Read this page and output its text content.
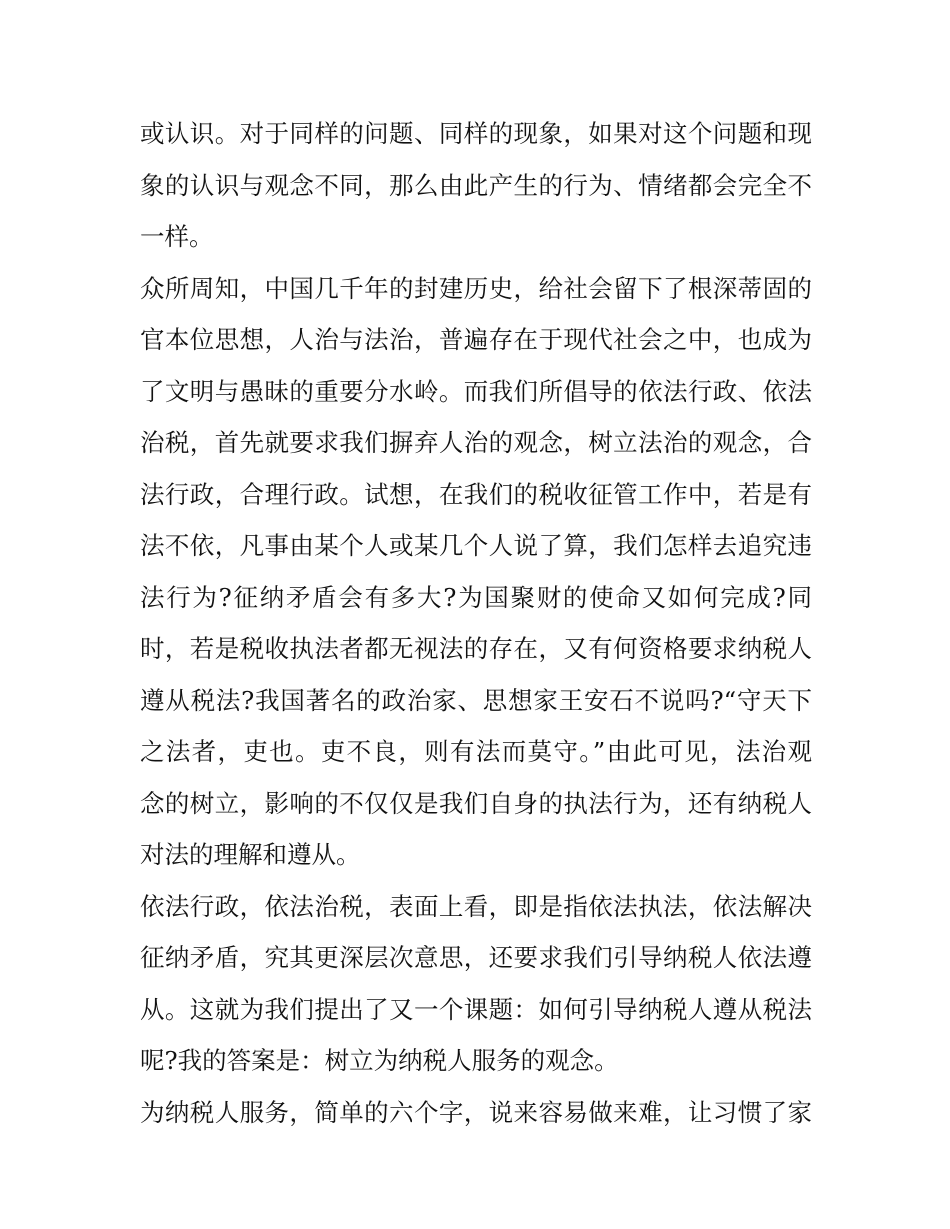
或认识。对于同样的问题、同样的现象，如果对这个问题和现
象的认识与观念不同，那么由此产生的行为、情绪都会完全不
一样。
众所周知，中国几千年的封建历史，给社会留下了根深蒂固的
官本位思想，人治与法治，普遍存在于现代社会之中，也成为
了文明与愚昧的重要分水岭。而我们所倡导的依法行政、依法
治税，首先就要求我们摒弃人治的观念，树立法治的观念，合
法行政，合理行政。试想，在我们的税收征管工作中，若是有
法不依，凡事由某个人或某几个人说了算，我们怎样去追究违
法行为?征纳矛盾会有多大?为国聚财的使命又如何完成?同
时，若是税收执法者都无视法的存在，又有何资格要求纳税人
遵从税法?我国著名的政治家、思想家王安石不说吗?“守天下
之法者，吏也。吏不良，则有法而莫守。”由此可见，法治观
念的树立，影响的不仅仅是我们自身的执法行为，还有纳税人
对法的理解和遵从。
依法行政，依法治税，表面上看，即是指依法执法，依法解决
征纳矛盾，究其更深层次意思，还要求我们引导纳税人依法遵
从。这就为我们提出了又一个课题：如何引导纳税人遵从税法
呢?我的答案是：树立为纳税人服务的观念。
为纳税人服务，简单的六个字，说来容易做来难，让习惯了家
